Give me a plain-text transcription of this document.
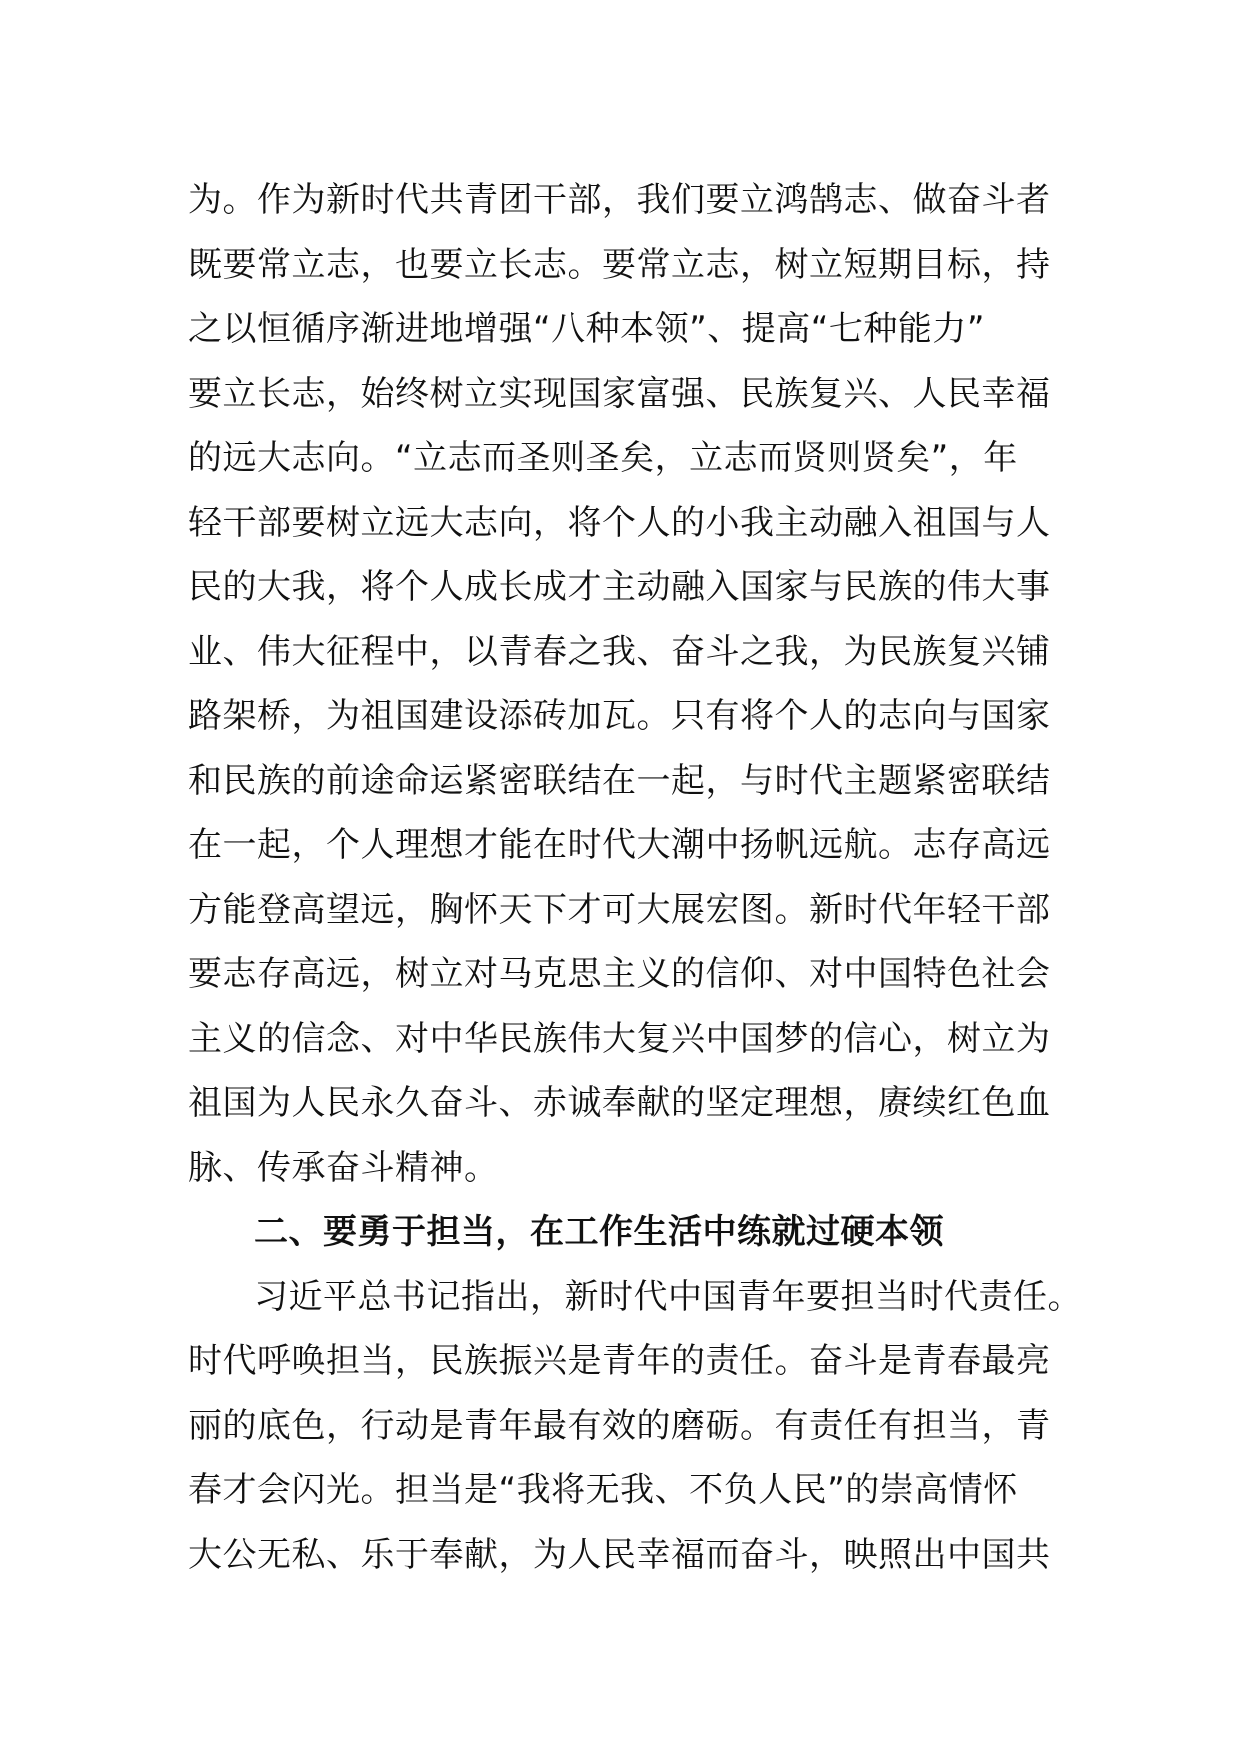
为。作为新时代共青团干部，我们要立鸿鹄志、做奋斗者
既要常立志，也要立长志。要常立志，树立短期目标，持
之以恒循序渐进地增强“八种本领”、提高“七种能力”
要立长志，始终树立实现国家富强、民族复兴、人民幸福
的远大志向。“立志而圣则圣矣，立志而贤则贤矣”，年
轻干部要树立远大志向，将个人的小我主动融入祖国与人
民的大我，将个人成长成才主动融入国家与民族的伟大事
业、伟大征程中，以青春之我、奋斗之我，为民族复兴铺
路架桥，为祖国建设添砖加瓦。只有将个人的志向与国家
和民族的前途命运紧密联结在一起，与时代主题紧密联结
在一起，个人理想才能在时代大潮中扬帆远航。志存高远
方能登高望远，胸怀天下才可大展宏图。新时代年轻干部
要志存高远，树立对马克思主义的信仰、对中国特色社会
主义的信念、对中华民族伟大复兴中国梦的信心，树立为
祖国为人民永久奋斗、赤诚奉献的坚定理想，赓续红色血
脉、传承奋斗精神。
二、要勇于担当，在工作生活中练就过硬本领
习近平总书记指出，新时代中国青年要担当时代责任。
时代呼唤担当，民族振兴是青年的责任。奋斗是青春最亮
丽的底色，行动是青年最有效的磨砺。有责任有担当，青
春才会闪光。担当是“我将无我、不负人民”的崇高情怀
大公无私、乐于奉献，为人民幸福而奋斗，映照出中国共
